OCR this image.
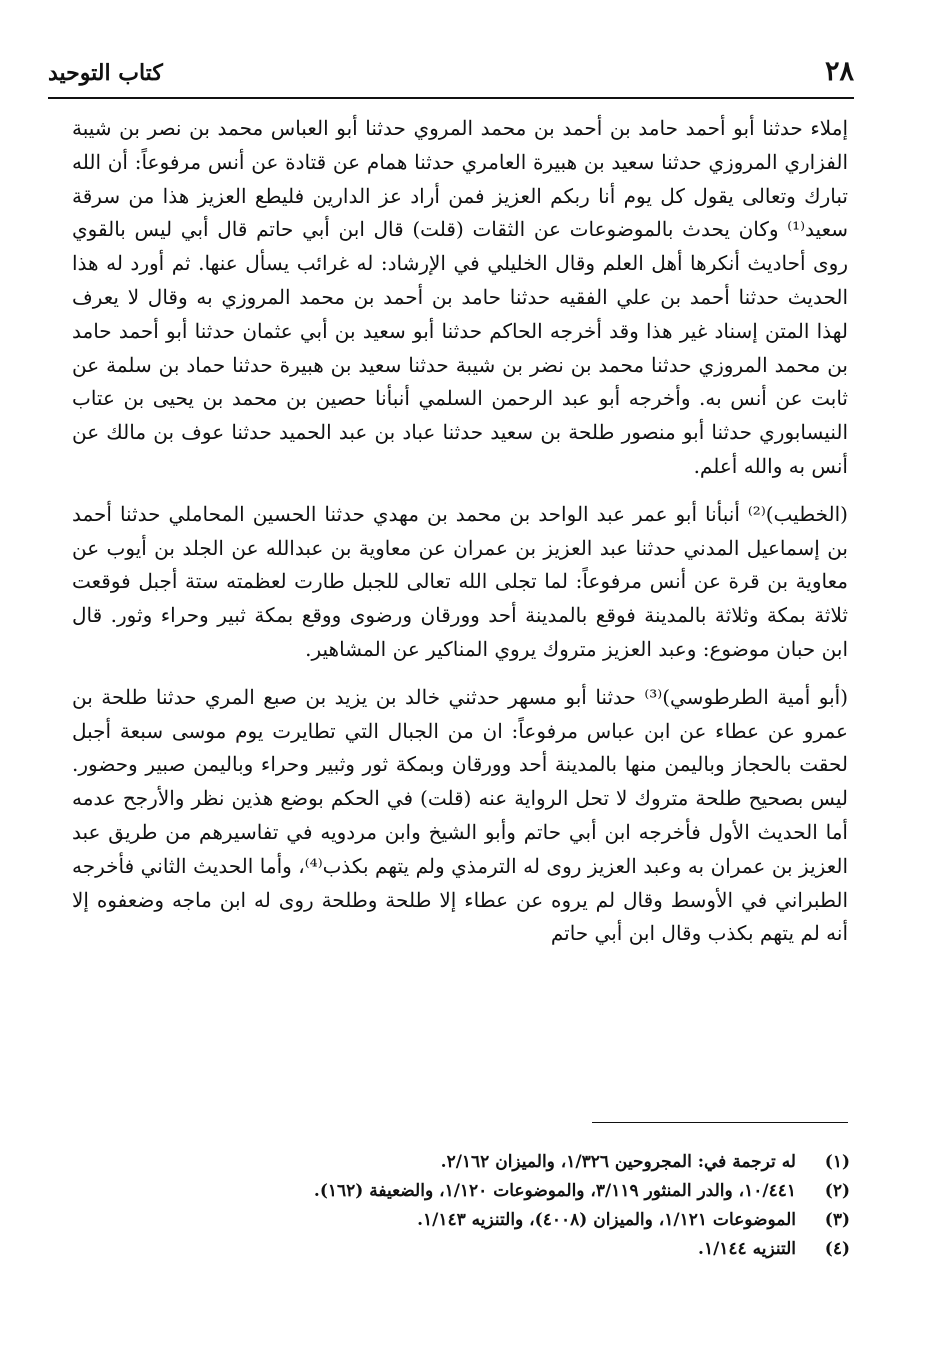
٢٨
كتاب التوحيد

إملاء حدثنا أبو أحمد حامد بن أحمد بن محمد المروي حدثنا أبو العباس محمد بن نصر بن شيبة الفزاري المروزي حدثنا سعيد بن هبيرة العامري حدثنا همام عن قتادة عن أنس مرفوعاً: أن الله تبارك وتعالى يقول كل يوم أنا ربكم العزيز فمن أراد عز الدارين فليطع العزيز هذا من سرقة سعيد⁽¹⁾ وكان يحدث بالموضوعات عن الثقات (قلت) قال ابن أبي حاتم قال أبي ليس بالقوي روى أحاديث أنكرها أهل العلم وقال الخليلي في الإرشاد: له غرائب يسأل عنها. ثم أورد له هذا الحديث حدثنا أحمد بن علي الفقيه حدثنا حامد بن أحمد بن محمد المروزي به وقال لا يعرف لهذا المتن إسناد غير هذا وقد أخرجه الحاكم حدثنا أبو سعيد بن أبي عثمان حدثنا أبو أحمد حامد بن محمد المروزي حدثنا محمد بن نضر بن شيبة حدثنا سعيد بن هبيرة حدثنا حماد بن سلمة عن ثابت عن أنس به. وأخرجه أبو عبد الرحمن السلمي أنبأنا حصين بن محمد بن يحيى بن عتاب النيسابوري حدثنا أبو منصور طلحة بن سعيد حدثنا عباد بن عبد الحميد حدثنا عوف بن مالك عن أنس به والله أعلم.

(الخطيب)⁽²⁾ أنبأنا أبو عمر عبد الواحد بن محمد بن مهدي حدثنا الحسين المحاملي حدثنا أحمد بن إسماعيل المدني حدثنا عبد العزيز بن عمران عن معاوية بن عبدالله عن الجلد بن أيوب عن معاوية بن قرة عن أنس مرفوعاً: لما تجلى الله تعالى للجبل طارت لعظمته ستة أجبل فوقعت ثلاثة بمكة وثلاثة بالمدينة فوقع بالمدينة أحد وورقان ورضوى ووقع بمكة ثبير وحراء وثور. قال ابن حبان موضوع: وعبد العزيز متروك يروي المناكير عن المشاهير.

(أبو أمية الطرطوسي)⁽³⁾ حدثنا أبو مسهر حدثني خالد بن يزيد بن صبع المري حدثنا طلحة بن عمرو عن عطاء عن ابن عباس مرفوعاً: ان من الجبال التي تطايرت يوم موسى سبعة أجبل لحقت بالحجاز وباليمن منها بالمدينة أحد وورقان وبمكة ثور وثبير وحراء وباليمن صبير وحضور. ليس بصحيح طلحة متروك لا تحل الرواية عنه (قلت) في الحكم بوضع هذين نظر والأرجح عدمه أما الحديث الأول فأخرجه ابن أبي حاتم وأبو الشيخ وابن مردويه في تفاسيرهم من طريق عبد العزيز بن عمران به وعبد العزيز روى له الترمذي ولم يتهم بكذب⁽⁴⁾، وأما الحديث الثاني فأخرجه الطبراني في الأوسط وقال لم يروه عن عطاء إلا طلحة وطلحة روى له ابن ماجه وضعفوه إلا أنه لم يتهم بكذب وقال ابن أبي حاتم

(١)
له ترجمة في: المجروحين ١/٣٢٦، والميزان ٢/١٦٢.
(٢)
١٠/٤٤١، والدر المنثور ٣/١١٩، والموضوعات ١/١٢٠، والضعيفة (١٦٢).
(٣)
الموضوعات ١/١٢١، والميزان (٤٠٠٨)، والتنزيه ١/١٤٣.
(٤)
التنزيه ١/١٤٤.
